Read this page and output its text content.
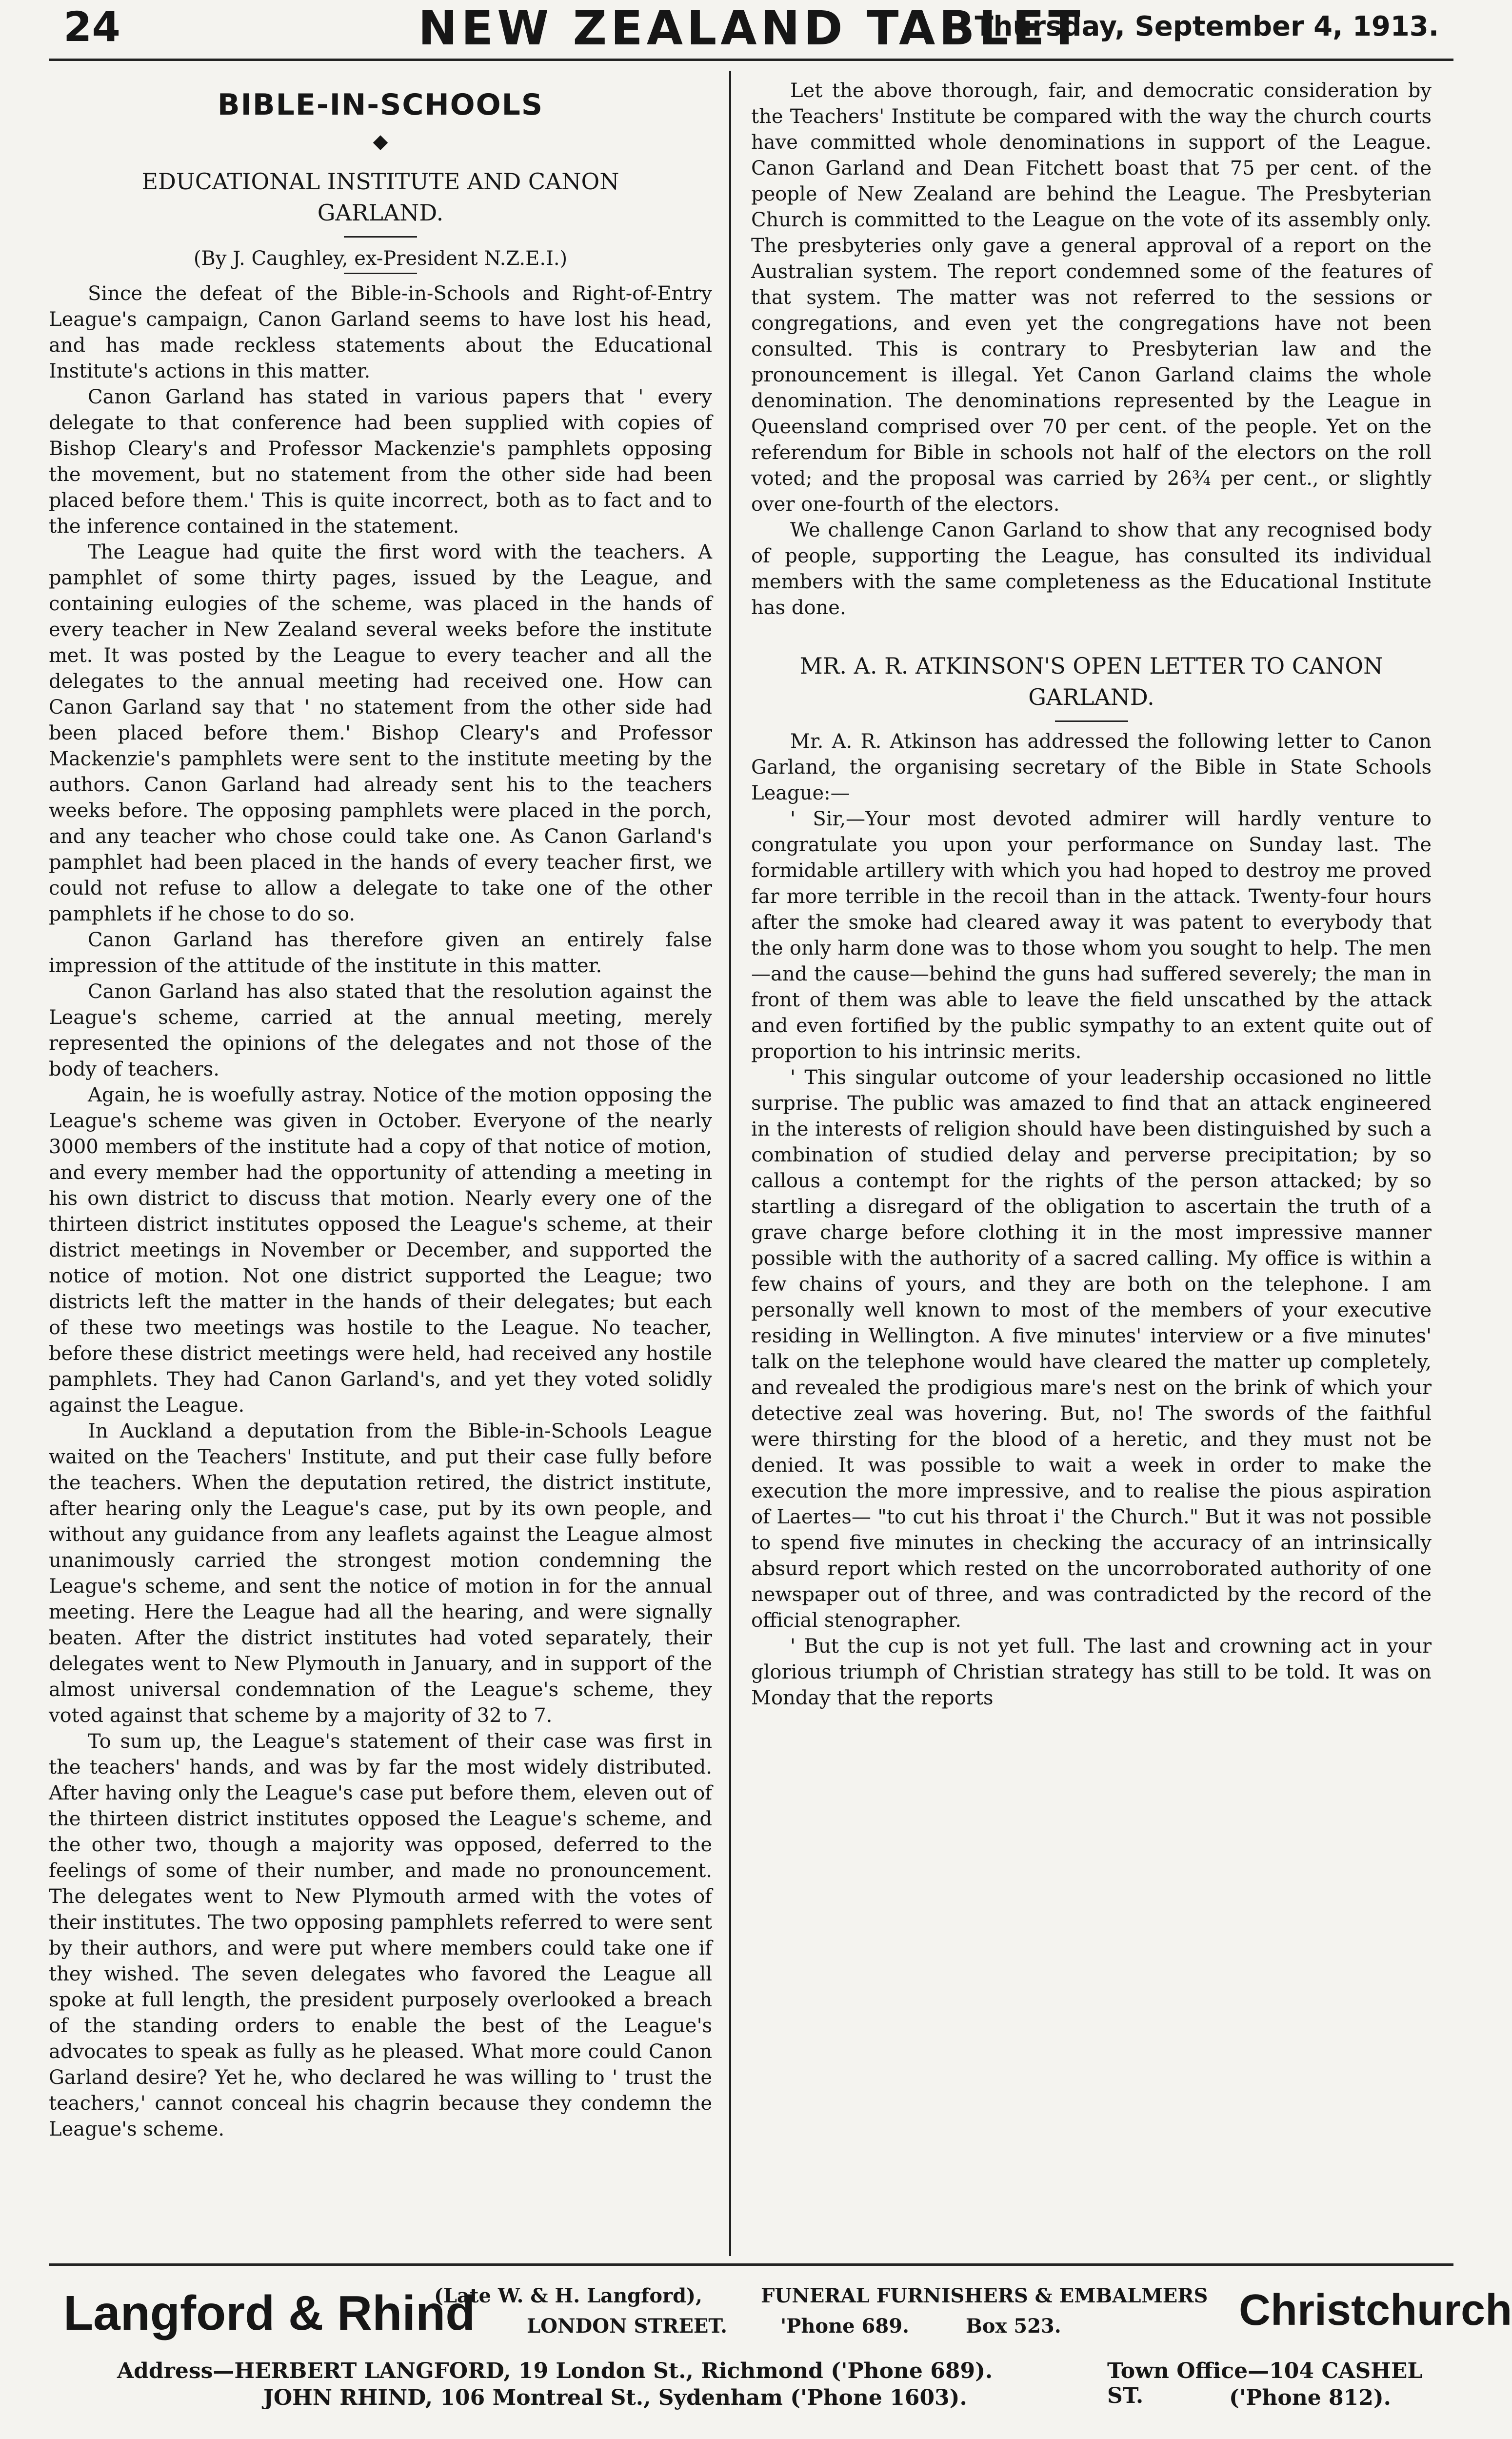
24	NEW ZEALAND TABLET
Thursday, September 4, 1913.
BIBLE-IN-SCHOOLS
◆
EDUCATIONAL INSTITUTE AND CANON GARLAND.
(By J. Caughley, ex-President N.Z.E.I.)

Since the defeat of the Bible-in-Schools and Right-of-Entry League's campaign, Canon Garland seems to have lost his head, and has made reckless statements about the Educational Institute's actions in this matter.

Canon Garland has stated in various papers that ' every delegate to that conference had been supplied with copies of Bishop Cleary's and Professor Mackenzie's pamphlets opposing the movement, but no statement from the other side had been placed before them.' This is quite incorrect, both as to fact and to the inference contained in the statement.

The League had quite the first word with the teachers. A pamphlet of some thirty pages, issued by the League, and containing eulogies of the scheme, was placed in the hands of every teacher in New Zealand several weeks before the institute met. It was posted by the League to every teacher and all the delegates to the annual meeting had received one. How can Canon Garland say that ' no statement from the other side had been placed before them.' Bishop Cleary's and Professor Mackenzie's pamphlets were sent to the institute meeting by the authors. Canon Garland had already sent his to the teachers weeks before. The opposing pamphlets were placed in the porch, and any teacher who chose could take one. As Canon Garland's pamphlet had been placed in the hands of every teacher first, we could not refuse to allow a delegate to take one of the other pamphlets if he chose to do so.

Canon Garland has therefore given an entirely false impression of the attitude of the institute in this matter.

Canon Garland has also stated that the resolution against the League's scheme, carried at the annual meeting, merely represented the opinions of the delegates and not those of the body of teachers.

Again, he is woefully astray. Notice of the motion opposing the League's scheme was given in October. Everyone of the nearly 3000 members of the institute had a copy of that notice of motion, and every member had the opportunity of attending a meeting in his own district to discuss that motion. Nearly every one of the thirteen district institutes opposed the League's scheme, at their district meetings in November or December, and supported the notice of motion. Not one district supported the League; two districts left the matter in the hands of their delegates; but each of these two meetings was hostile to the League. No teacher, before these district meetings were held, had received any hostile pamphlets. They had Canon Garland's, and yet they voted solidly against the League.

In Auckland a deputation from the Bible-in-Schools League waited on the Teachers' Institute, and put their case fully before the teachers. When the deputation retired, the district institute, after hearing only the League's case, put by its own people, and without any guidance from any leaflets against the League almost unanimously carried the strongest motion condemning the League's scheme, and sent the notice of motion in for the annual meeting. Here the League had all the hearing, and were signally beaten. After the district institutes had voted separately, their delegates went to New Plymouth in January, and in support of the almost universal condemnation of the League's scheme, they voted against that scheme by a majority of 32 to 7.

To sum up, the League's statement of their case was first in the teachers' hands, and was by far the most widely distributed. After having only the League's case put before them, eleven out of the thirteen district institutes opposed the League's scheme, and the other two, though a majority was opposed, deferred to the feelings of some of their number, and made no pronouncement. The delegates went to New Plymouth armed with the votes of their institutes. The two opposing pamphlets referred to were sent by their authors, and were put where members could take one if they wished. The seven delegates who favored the League all spoke at full length, the president purposely overlooked a breach of the standing orders to enable the best of the League's advocates to speak as fully as he pleased. What more could Canon Garland desire? Yet he, who declared he was willing to ' trust the teachers,' cannot conceal his chagrin because they condemn the League's scheme.

Let the above thorough, fair, and democratic consideration by the Teachers' Institute be compared with the way the church courts have committed whole denominations in support of the League. Canon Garland and Dean Fitchett boast that 75 per cent. of the people of New Zealand are behind the League. The Presbyterian Church is committed to the League on the vote of its assembly only. The presbyteries only gave a general approval of a report on the Australian system. The report condemned some of the features of that system. The matter was not referred to the sessions or congregations, and even yet the congregations have not been consulted. This is contrary to Presbyterian law and the pronouncement is illegal. Yet Canon Garland claims the whole denomination. The denominations represented by the League in Queensland comprised over 70 per cent. of the people. Yet on the referendum for Bible in schools not half of the electors on the roll voted; and the proposal was carried by 26¾ per cent., or slightly over one-fourth of the electors.

We challenge Canon Garland to show that any recognised body of people, supporting the League, has consulted its individual members with the same completeness as the Educational Institute has done.

MR. A. R. ATKINSON'S OPEN LETTER TO CANON GARLAND.

Mr. A. R. Atkinson has addressed the following letter to Canon Garland, the organising secretary of the Bible in State Schools League:—

' Sir,—Your most devoted admirer will hardly venture to congratulate you upon your performance on Sunday last. The formidable artillery with which you had hoped to destroy me proved far more terrible in the recoil than in the attack. Twenty-four hours after the smoke had cleared away it was patent to everybody that the only harm done was to those whom you sought to help. The men—and the cause—behind the guns had suffered severely; the man in front of them was able to leave the field unscathed by the attack and even fortified by the public sympathy to an extent quite out of proportion to his intrinsic merits.

' This singular outcome of your leadership occasioned no little surprise. The public was amazed to find that an attack engineered in the interests of religion should have been distinguished by such a combination of studied delay and perverse precipitation; by so callous a contempt for the rights of the person attacked; by so startling a disregard of the obligation to ascertain the truth of a grave charge before clothing it in the most impressive manner possible with the authority of a sacred calling. My office is within a few chains of yours, and they are both on the telephone. I am personally well known to most of the members of your executive residing in Wellington. A five minutes' interview or a five minutes' talk on the telephone would have cleared the matter up completely, and revealed the prodigious mare's nest on the brink of which your detective zeal was hovering. But, no! The swords of the faithful were thirsting for the blood of a heretic, and they must not be denied. It was possible to wait a week in order to make the execution the more impressive, and to realise the pious aspiration of Laertes— "to cut his throat i' the Church." But it was not possible to spend five minutes in checking the accuracy of an intrinsically absurd report which rested on the uncorroborated authority of one newspaper out of three, and was contradicted by the record of the official stenographer.

' But the cup is not yet full. The last and crowning act in your glorious triumph of Christian strategy has still to be told. It was on Monday that the reports

Langford & Rhind
(Late W. & H. Langford),
LONDON STREET.
FUNERAL FURNISHERS & EMBALMERS
'Phone 689.	Box 523.	Christchurch
Address—HERBERT LANGFORD, 19 London St., Richmond ('Phone 689).
JOHN RHIND, 106 Montreal St., Sydenham ('Phone 1603).
Town Office—104 CASHEL ST.	('Phone 812).
